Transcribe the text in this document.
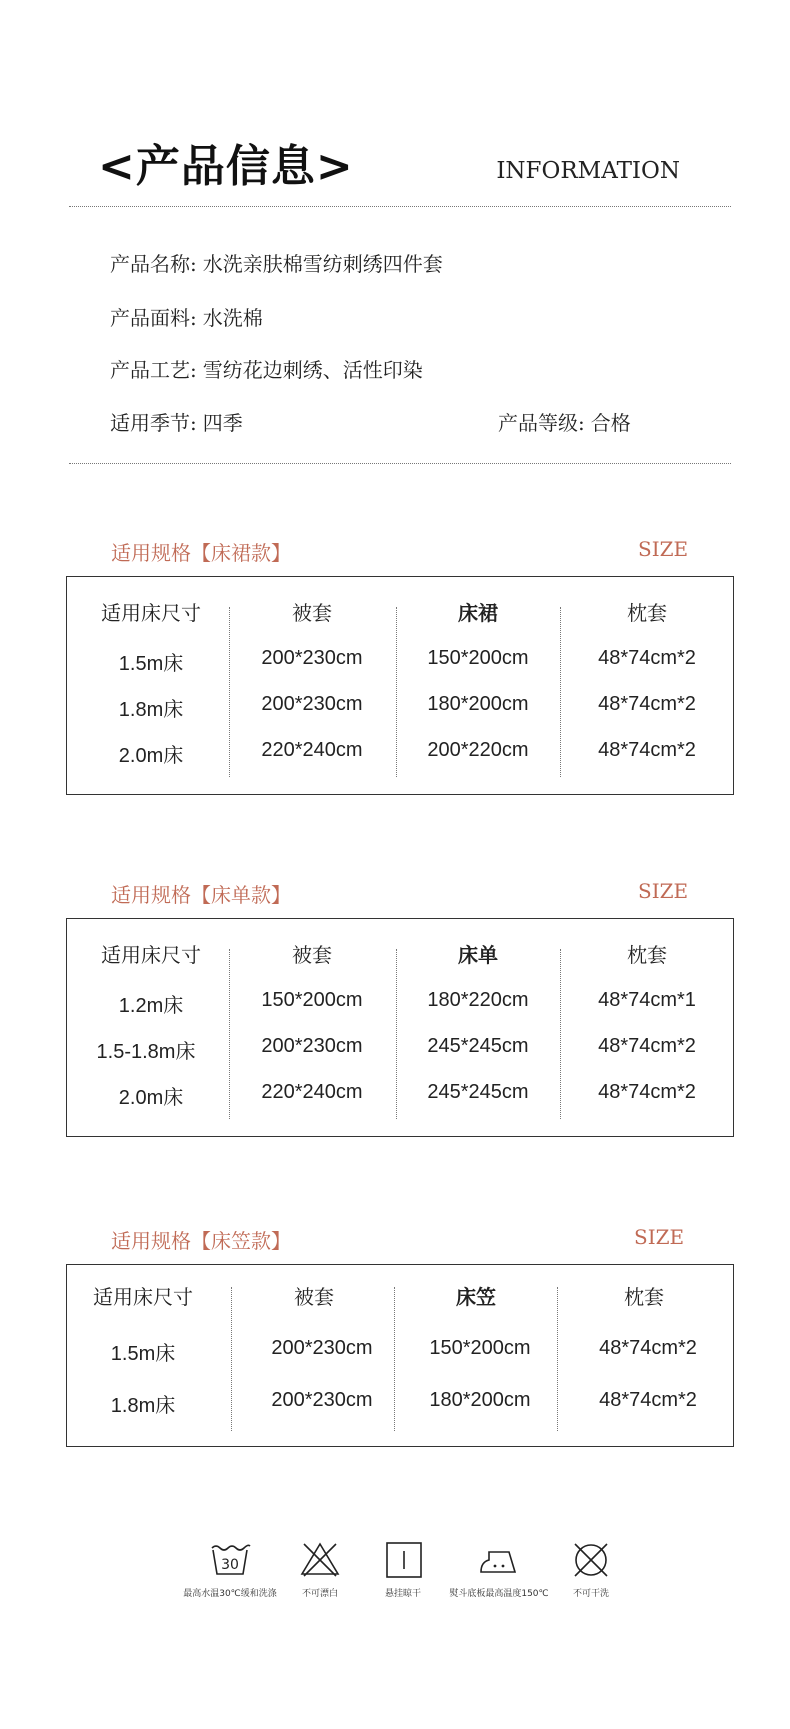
<产品信息>	INFORMATION
产品名称: 水洗亲肤棉雪纺刺绣四件套
产品面料: 水洗棉
产品工艺: 雪纺花边刺绣、活性印染
适用季节: 四季	产品等级: 合格
适用规格【床裙款】	SIZE
适用床尺寸	被套	床裙	枕套
1.5m床	200*230cm	150*200cm	48*74cm*2
1.8m床	200*230cm	180*200cm	48*74cm*2
2.0m床	220*240cm	200*220cm	48*74cm*2
适用规格【床单款】	SIZE
适用床尺寸	被套	床单	枕套
1.2m床	150*200cm	180*220cm	48*74cm*1
1.5-1.8m床	200*230cm	245*245cm	48*74cm*2
2.0m床	220*240cm	245*245cm	48*74cm*2
适用规格【床笠款】	SIZE
适用床尺寸	被套	床笠	枕套
1.5m床	200*230cm	150*200cm	48*74cm*2
1.8m床	200*230cm	180*200cm	48*74cm*2
30
最高水温30℃缓和洗涤	不可漂白	悬挂晾干	熨斗底板最高温度150℃	不可干洗
